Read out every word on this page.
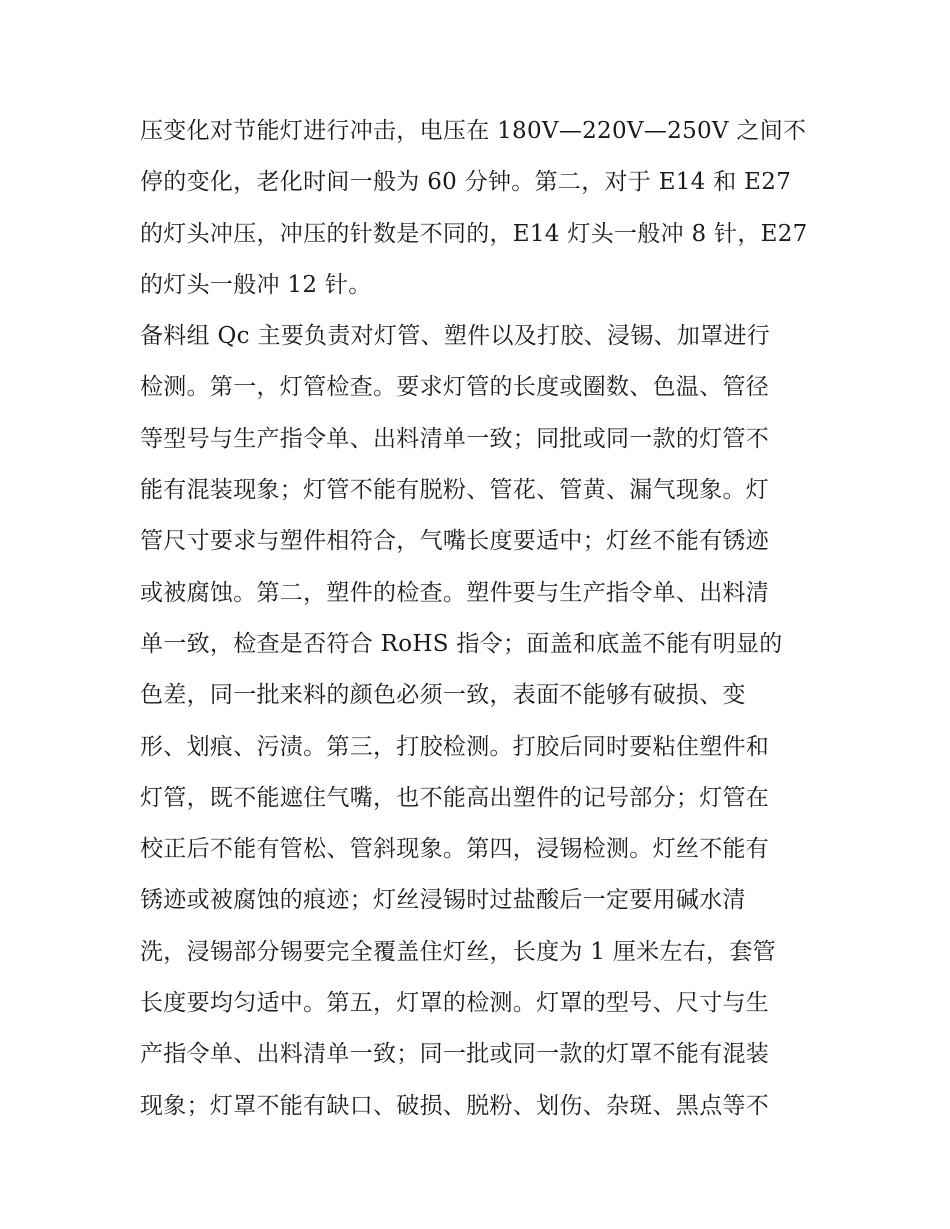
压变化对节能灯进行冲击，电压在 180V—220V—250V 之间不
停的变化，老化时间一般为 60 分钟。第二，对于 E14 和 E27
的灯头冲压，冲压的针数是不同的，E14 灯头一般冲 8 针，E27
的灯头一般冲 12 针。
备料组 Qc 主要负责对灯管、塑件以及打胶、浸锡、加罩进行
检测。第一，灯管检查。要求灯管的长度或圈数、色温、管径
等型号与生产指令单、出料清单一致；同批或同一款的灯管不
能有混装现象；灯管不能有脱粉、管花、管黄、漏气现象。灯
管尺寸要求与塑件相符合，气嘴长度要适中；灯丝不能有锈迹
或被腐蚀。第二，塑件的检查。塑件要与生产指令单、出料清
单一致，检查是否符合 RoHS 指令；面盖和底盖不能有明显的
色差，同一批来料的颜色必须一致，表面不能够有破损、变
形、划痕、污渍。第三，打胶检测。打胶后同时要粘住塑件和
灯管，既不能遮住气嘴，也不能高出塑件的记号部分；灯管在
校正后不能有管松、管斜现象。第四，浸锡检测。灯丝不能有
锈迹或被腐蚀的痕迹；灯丝浸锡时过盐酸后一定要用碱水清
洗，浸锡部分锡要完全覆盖住灯丝，长度为 1 厘米左右，套管
长度要均匀适中。第五，灯罩的检测。灯罩的型号、尺寸与生
产指令单、出料清单一致；同一批或同一款的灯罩不能有混装
现象；灯罩不能有缺口、破损、脱粉、划伤、杂斑、黑点等不
